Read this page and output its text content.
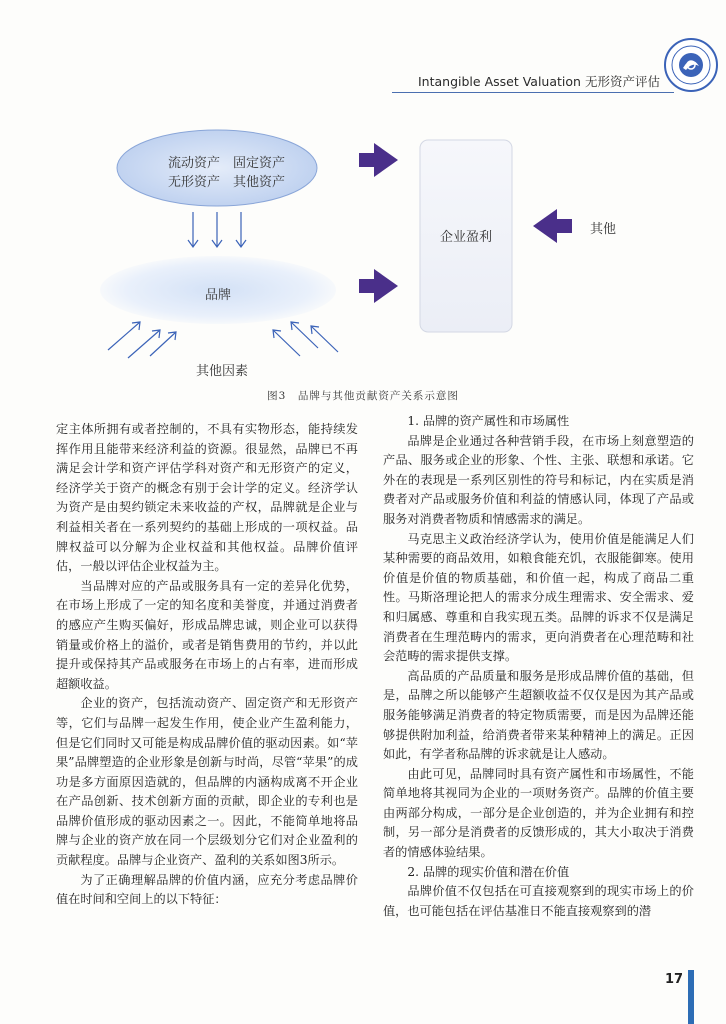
Intangible Asset Valuation 无形资产评估
流动资产　固定资产
无形资产　其他资产
品牌
企业盈利
其他
其他因素
图3　品牌与其他贡献资产关系示意图

定主体所拥有或者控制的，不具有实物形态，能持续发挥作用且能带来经济利益的资源。很显然，品牌已不再满足会计学和资产评估学科对资产和无形资产的定义，经济学关于资产的概念有别于会计学的定义。经济学认为资产是由契约锁定未来收益的产权，品牌就是企业与利益相关者在一系列契约的基础上形成的一项权益。品牌权益可以分解为企业权益和其他权益。品牌价值评估，一般以评估企业权益为主。

当品牌对应的产品或服务具有一定的差异化优势，在市场上形成了一定的知名度和美誉度，并通过消费者的感应产生购买偏好，形成品牌忠诚，则企业可以获得销量或价格上的溢价，或者是销售费用的节约，并以此提升或保持其产品或服务在市场上的占有率，进而形成超额收益。

企业的资产，包括流动资产、固定资产和无形资产等，它们与品牌一起发生作用，使企业产生盈利能力，但是它们同时又可能是构成品牌价值的驱动因素。如“苹果”品牌塑造的企业形象是创新与时尚，尽管“苹果”的成功是多方面原因造就的，但品牌的内涵构成离不开企业在产品创新、技术创新方面的贡献，即企业的专利也是品牌价值形成的驱动因素之一。因此，不能简单地将品牌与企业的资产放在同一个层级划分它们对企业盈利的贡献程度。品牌与企业资产、盈利的关系如图3所示。

为了正确理解品牌的价值内涵，应充分考虑品牌价值在时间和空间上的以下特征：

1. 品牌的资产属性和市场属性

品牌是企业通过各种营销手段，在市场上刻意塑造的产品、服务或企业的形象、个性、主张、联想和承诺。它外在的表现是一系列区别性的符号和标记，内在实质是消费者对产品或服务价值和利益的情感认同，体现了产品或服务对消费者物质和情感需求的满足。

马克思主义政治经济学认为，使用价值是能满足人们某种需要的商品效用，如粮食能充饥，衣服能御寒。使用价值是价值的物质基础，和价值一起，构成了商品二重性。马斯洛理论把人的需求分成生理需求、安全需求、爱和归属感、尊重和自我实现五类。品牌的诉求不仅是满足消费者在生理范畴内的需求，更向消费者在心理范畴和社会范畴的需求提供支撑。

高品质的产品质量和服务是形成品牌价值的基础，但是，品牌之所以能够产生超额收益不仅仅是因为其产品或服务能够满足消费者的特定物质需要，而是因为品牌还能够提供附加利益，给消费者带来某种精神上的满足。正因如此，有学者称品牌的诉求就是让人感动。

由此可见，品牌同时具有资产属性和市场属性，不能简单地将其视同为企业的一项财务资产。品牌的价值主要由两部分构成，一部分是企业创造的，并为企业拥有和控制，另一部分是消费者的反馈形成的，其大小取决于消费者的情感体验结果。

2. 品牌的现实价值和潜在价值

品牌价值不仅包括在可直接观察到的现实市场上的价值，也可能包括在评估基准日不能直接观察到的潜

17
